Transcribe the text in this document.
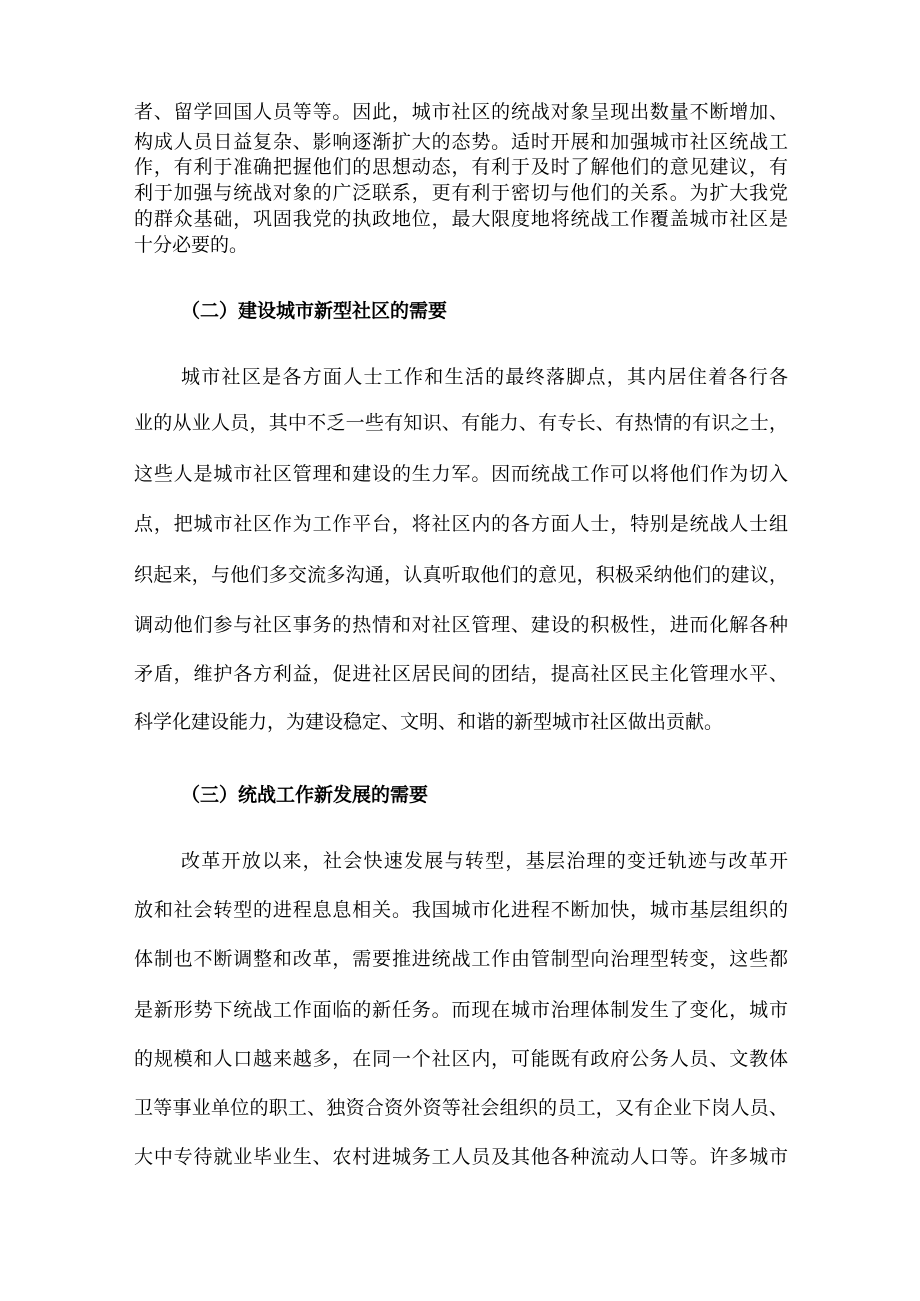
者、留学回国人员等等。因此，城市社区的统战对象呈现出数量不断增加、
构成人员日益复杂、影响逐渐扩大的态势。适时开展和加强城市社区统战工
作，有利于准确把握他们的思想动态，有利于及时了解他们的意见建议，有
利于加强与统战对象的广泛联系，更有利于密切与他们的关系。为扩大我党
的群众基础，巩固我党的执政地位，最大限度地将统战工作覆盖城市社区是
十分必要的。
（二）建设城市新型社区的需要
城市社区是各方面人士工作和生活的最终落脚点，其内居住着各行各
业的从业人员，其中不乏一些有知识、有能力、有专长、有热情的有识之士，
这些人是城市社区管理和建设的生力军。因而统战工作可以将他们作为切入
点，把城市社区作为工作平台，将社区内的各方面人士，特别是统战人士组
织起来，与他们多交流多沟通，认真听取他们的意见，积极采纳他们的建议，
调动他们参与社区事务的热情和对社区管理、建设的积极性，进而化解各种
矛盾，维护各方利益，促进社区居民间的团结，提高社区民主化管理水平、
科学化建设能力，为建设稳定、文明、和谐的新型城市社区做出贡献。
（三）统战工作新发展的需要
改革开放以来，社会快速发展与转型，基层治理的变迁轨迹与改革开
放和社会转型的进程息息相关。我国城市化进程不断加快，城市基层组织的
体制也不断调整和改革，需要推进统战工作由管制型向治理型转变，这些都
是新形势下统战工作面临的新任务。而现在城市治理体制发生了变化，城市
的规模和人口越来越多，在同一个社区内，可能既有政府公务人员、文教体
卫等事业单位的职工、独资合资外资等社会组织的员工，又有企业下岗人员、
大中专待就业毕业生、农村进城务工人员及其他各种流动人口等。许多城市
